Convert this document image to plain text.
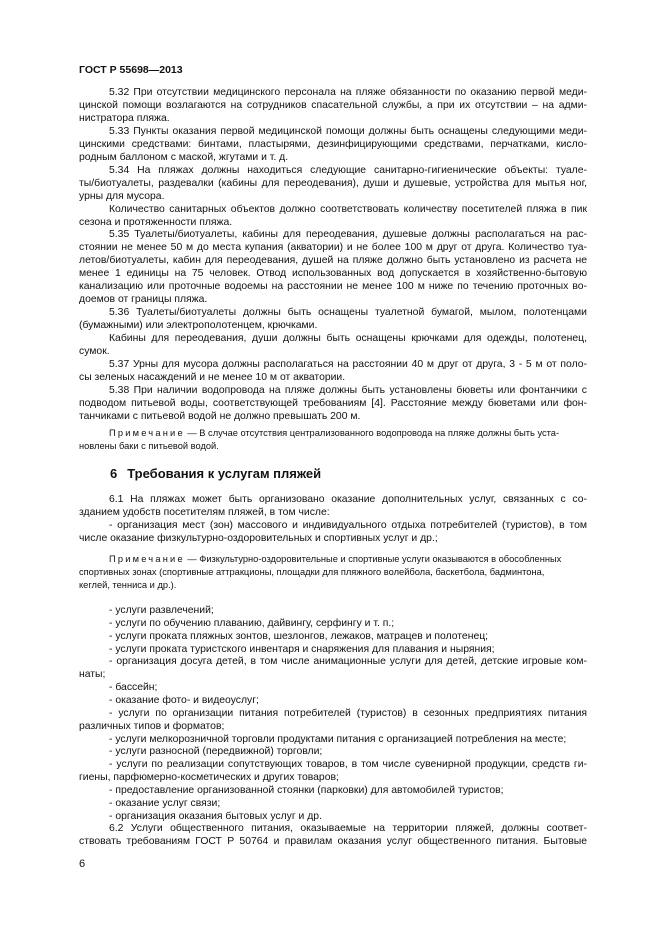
ГОСТ Р 55698—2013
5.32 При отсутствии медицинского персонала на пляже обязанности по оказанию первой меди-
цинской помощи возлагаются на сотрудников спасательной службы, а при их отсутствии – на адми-
нистратора пляжа.
5.33 Пункты оказания первой медицинской помощи должны быть оснащены следующими меди-
цинскими средствами: бинтами, пластырями, дезинфицирующими средствами, перчатками, кисло-
родным баллоном с маской, жгутами и т. д.
5.34 На пляжах должны находиться следующие санитарно-гигиенические объекты: туале-
ты/биотуалеты, раздевалки (кабины для переодевания), души и душевые, устройства для мытья ног,
урны для мусора.
Количество санитарных объектов должно соответствовать количеству посетителей пляжа в пик
сезона и протяженности пляжа.
5.35 Туалеты/биотуалеты, кабины для переодевания, душевые должны располагаться на рас-
стоянии не менее 50 м до места купания (акватории) и не более 100 м друг от друга. Количество туа-
летов/биотуалеты, кабин для переодевания, душей на пляже должно быть установлено из расчета не
менее 1 единицы на 75 человек. Отвод использованных вод допускается в хозяйственно-бытовую
канализацию или проточные водоемы на расстоянии не менее 100 м ниже по течению проточных во-
доемов от границы пляжа.
5.36 Туалеты/биотуалеты должны быть оснащены туалетной бумагой, мылом, полотенцами
(бумажными) или электрополотенцем, крючками.
Кабины для переодевания, души должны быть оснащены крючками для одежды, полотенец,
сумок.
5.37 Урны для мусора должны располагаться на расстоянии 40 м друг от друга, 3 - 5 м от поло-
сы зеленых насаждений и не менее 10 м от акватории.
5.38 При наличии водопровода на пляже должны быть установлены бюветы или фонтанчики с
подводом питьевой воды, соответствующей требованиям [4]. Расстояние между бюветами или фон-
танчиками с питьевой водой не должно превышать 200 м.
Примечание — В случае отсутствия централизованного водопровода на пляже должны быть уста-
новлены баки с питьевой водой.
6 Требования к услугам пляжей
6.1 На пляжах может быть организовано оказание дополнительных услуг, связанных с со-
зданием удобств посетителям пляжей, в том числе:
- организация мест (зон) массового и индивидуального отдыха потребителей (туристов), в том
числе оказание физкультурно-оздоровительных и спортивных услуг и др.;
Примечание — Физкультурно-оздоровительные и спортивные услуги оказываются в обособленных
спортивных зонах (спортивные аттракционы, площадки для пляжного волейбола, баскетбола, бадминтона,
кеглей, тенниса и др.).
- услуги развлечений;
- услуги по обучению плаванию, дайвингу, серфингу и т. п.;
- услуги проката пляжных зонтов, шезлонгов, лежаков, матрацев и полотенец;
- услуги проката туристского инвентаря и снаряжения для плавания и ныряния;
- организация досуга детей, в том числе анимационные услуги для детей, детские игровые ком-
наты;
- бассейн;
- оказание фото- и видеоуслуг;
- услуги по организации питания потребителей (туристов) в сезонных предприятиях питания
различных типов и форматов;
- услуги мелкорозничной торговли продуктами питания с организацией потребления на месте;
- услуги разносной (передвижной) торговли;
- услуги по реализации сопутствующих товаров, в том числе сувенирной продукции, средств ги-
гиены, парфюмерно-косметических и других товаров;
- предоставление организованной стоянки (парковки) для автомобилей туристов;
- оказание услуг связи;
- организация оказания бытовых услуг и др.
6.2 Услуги общественного питания, оказываемые на территории пляжей, должны соответ-
ствовать требованиям ГОСТ Р 50764 и правилам оказания услуг общественного питания. Бытовые
6
